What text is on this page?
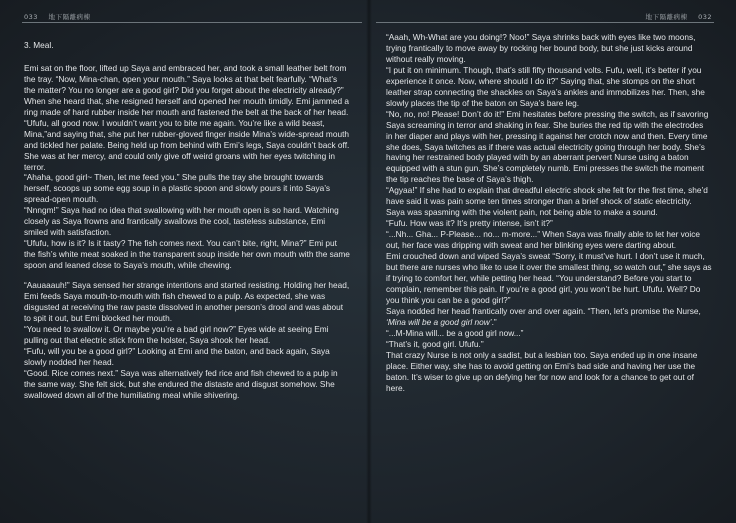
033 地下隔離病棟	地下隔離病棟 032

3. Meal.

Emi sat on the floor, lifted up Saya and embraced her, and took a small leather belt from the tray. “Now, Mina-chan, open your mouth.” Saya looks at that belt fearfully. “What’s the matter? You no longer are a good girl? Did you forget about the electricity already?” When she heard that, she resigned herself and opened her mouth timidly. Emi jammed a ring made of hard rubber inside her mouth and fastened the belt at the back of her head. “Ufufu, all good now. I wouldn’t want you to bite me again. You’re like a wild beast, Mina,”and saying that, she put her rubber-gloved finger inside Mina’s wide-spread mouth and tickled her palate. Being held up from behind with Emi’s legs, Saya couldn’t back off. She was at her mercy, and could only give off weird groans with her eyes twitching in terror.

“Ahaha, good girl~ Then, let me feed you.” She pulls the tray she brought towards herself, scoops up some egg soup in a plastic spoon and slowly pours it into Saya’s spread-open mouth.

“Nnngm!” Saya had no idea that swallowing with her mouth open is so hard. Watching closely as Saya frowns and frantically swallows the cool, tasteless substance, Emi smiled with satisfaction.

“Ufufu, how is it? Is it tasty? The fish comes next. You can’t bite, right, Mina?” Emi put the fish’s white meat soaked in the transparent soup inside her own mouth with the same spoon and leaned close to Saya’s mouth, while chewing.

“Aauaaauh!” Saya sensed her strange intentions and started resisting. Holding her head, Emi feeds Saya mouth-to-mouth with fish chewed to a pulp. As expected, she was disgusted at receiving the raw paste dissolved in another person’s drool and was about to spit it out, but Emi blocked her mouth.

“You need to swallow it. Or maybe you’re a bad girl now?” Eyes wide at seeing Emi pulling out that electric stick from the holster, Saya shook her head.

“Fufu, will you be a good girl?” Looking at Emi and the baton, and back again, Saya slowly nodded her head.

“Good. Rice comes next.” Saya was alternatively fed rice and fish chewed to a pulp in the same way. She felt sick, but she endured the distaste and disgust somehow. She swallowed down all of the humiliating meal while shivering.

“Aaah, Wh-What are you doing!? Noo!” Saya shrinks back with eyes like two moons, trying frantically to move away by rocking her bound body, but she just kicks around without really moving.

“I put it on minimum. Though, that’s still fifty thousand volts. Fufu, well, it’s better if you experience it once. Now, where should I do it?” Saying that, she stomps on the short leather strap connecting the shackles on Saya’s ankles and immobilizes her. Then, she slowly places the tip of the baton on Saya’s bare leg.

“No, no, no! Please! Don’t do it!” Emi hesitates before pressing the switch, as if savoring Saya screaming in terror and shaking in fear. She buries the red tip with the electrodes in her diaper and plays with her, pressing it against her crotch now and then. Every time she does, Saya twitches as if there was actual electricity going through her body. She’s having her restrained body played with by an aberrant pervert Nurse using a baton equipped with a stun gun. She’s completely numb. Emi presses the switch the moment the tip reaches the base of Saya’s thigh.

“Agyaa!” If she had to explain that dreadful electric shock she felt for the first time, she’d have said it was pain some ten times stronger than a brief shock of static electricity. Saya was spasming with the violent pain, not being able to make a sound.

“Fufu. How was it? It’s pretty intense, isn’t it?”

“...Nh... Gha... P-Please... no... m-more...” When Saya was finally able to let her voice out, her face was dripping with sweat and her blinking eyes were darting about.

Emi crouched down and wiped Saya’s sweat “Sorry, it must’ve hurt. I don’t use it much, but there are nurses who like to use it over the smallest thing, so watch out,” she says as if trying to comfort her, while petting her head. “You understand? Before you start to complain, remember this pain. If you’re a good girl, you won’t be hurt. Ufufu. Well? Do you think you can be a good girl?”

Saya nodded her head frantically over and over again. “Then, let’s promise the Nurse, ‘Mina will be a good girl now’.”

“...M-Mina will... be a good girl now...”

“That’s it, good girl. Ufufu.”

That crazy Nurse is not only a sadist, but a lesbian too. Saya ended up in one insane place. Either way, she has to avoid getting on Emi’s bad side and having her use the baton. It’s wiser to give up on defying her for now and look for a chance to get out of here.
